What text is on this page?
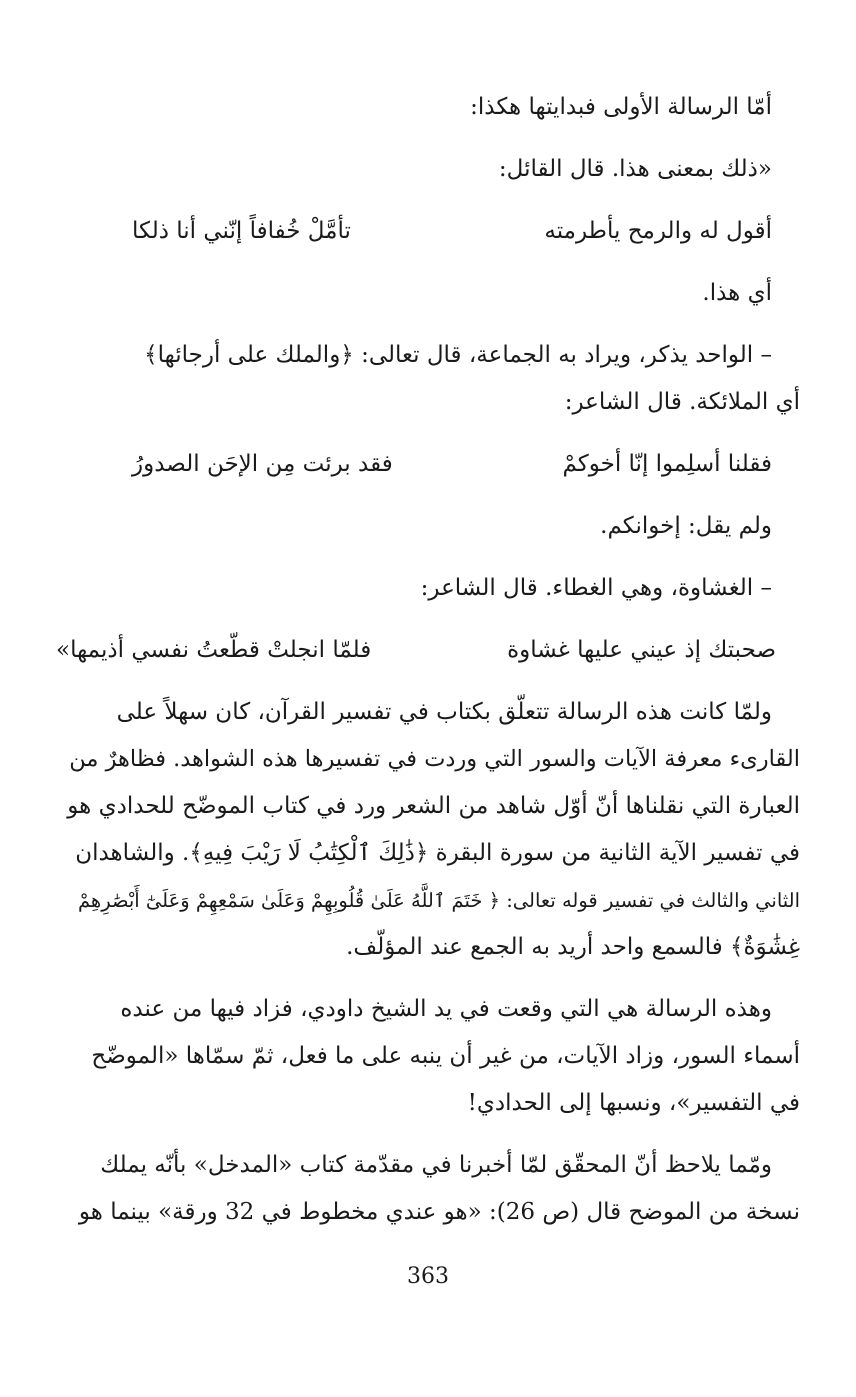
أمّا الرسالة الأولى فبدايتها هكذا:

«ذلك بمعنى هذا. قال القائل:

أقول له والرمح يأطرمته
تأمَّلْ خُفافاً إنّني أنا ذلكا

أي هذا.

– الواحد يذكر، ويراد به الجماعة، قال تعالى: ﴿والملك على أرجائها﴾

أي الملائكة. قال الشاعر:

فقلنا أسلِموا إنّا أخوكمْ
فقد برئت مِن الإحَن الصدورُ

ولم يقل: إخوانكم.

– الغشاوة، وهي الغطاء. قال الشاعر:

صحبتك إذ عيني عليها غشاوة
فلمّا انجلتْ قطّعتُ نفسي أذيمها»

ولمّا كانت هذه الرسالة تتعلّق بكتاب في تفسير القرآن، كان سهلاً على

القارىء معرفة الآيات والسور التي وردت في تفسيرها هذه الشواهد. فظاهرٌ من

العبارة التي نقلناها أنّ أوّل شاهد من الشعر ورد في كتاب الموضّح للحدادي هو

في تفسير الآية الثانية من سورة البقرة ﴿ذَٰلِكَ ٱلْكِتَٰبُ لَا رَيْبَ فِيهِ﴾. والشاهدان

الثاني والثالث في تفسير قوله تعالى: ﴿ خَتَمَ ٱللَّهُ عَلَىٰ قُلُوبِهِمْ وَعَلَىٰ سَمْعِهِمْ وَعَلَىٰٓ أَبْصَٰرِهِمْ

غِشَٰوَةٌ﴾ فالسمع واحد أريد به الجمع عند المؤلّف.

وهذه الرسالة هي التي وقعت في يد الشيخ داودي، فزاد فيها من عنده

أسماء السور، وزاد الآيات، من غير أن ينبه على ما فعل، ثمّ سمّاها «الموضّح

في التفسير»، ونسبها إلى الحدادي!

ومّما يلاحظ أنّ المحقّق لمّا أخبرنا في مقدّمة كتاب «المدخل» بأنّه يملك

نسخة من الموضح قال (ص 26): «هو عندي مخطوط في 32 ورقة» بينما هو

363
